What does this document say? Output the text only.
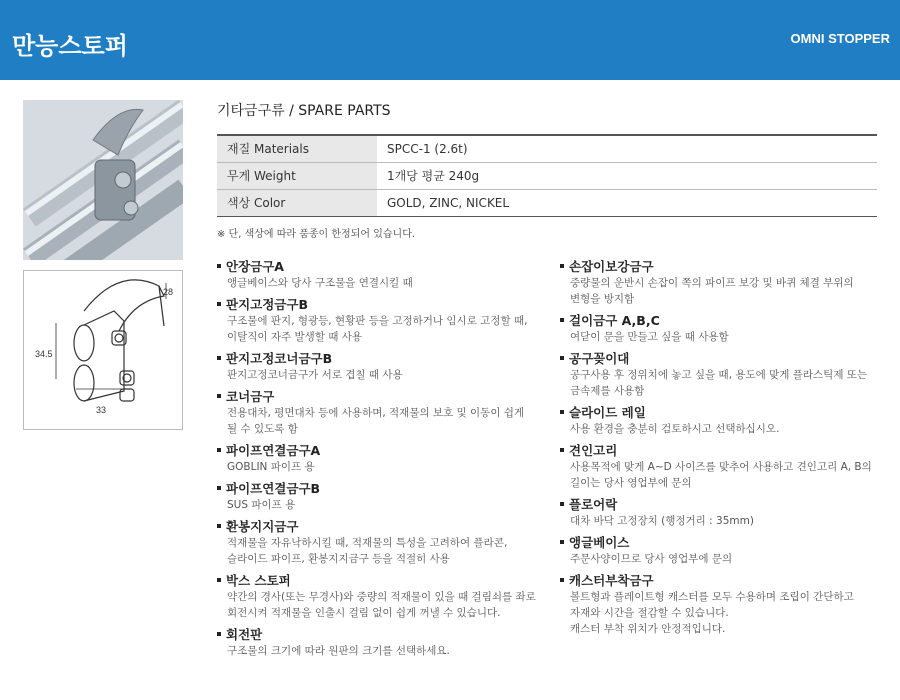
만능스토퍼	OMNI STOPPER
28
34.5
33
기타금구류 / SPARE PARTS
재질 Materials	SPCC-1 (2.6t)
무게 Weight	1개당 평균 240g
색상 Color	GOLD, ZINC, NICKEL
※ 단, 색상에 따라 품종이 한정되어 있습니다.
안장금구A
앵글베이스와 당사 구조물을 연결시킬 때
판지고정금구B
구조물에 판지, 형광등, 현황판 등을 고정하거나 임시로 고정할 때,
이탈직이 자주 발생할 때 사용
판지고정코너금구B
판지고정코너금구가 서로 겹칠 때 사용
코너금구
전용대차, 평면대차 등에 사용하며, 적재물의 보호 및 이동이 쉽게
될 수 있도록 함
파이프연결금구A
GOBLIN 파이프 용
파이프연결금구B
SUS 파이프 용
환봉지지금구
적재물을 자유낙하시킬 때, 적재물의 특성을 고려하여 플라콘,
슬라이드 파이프, 환봉지지금구 등을 적절히 사용
박스 스토퍼
약간의 경사(또는 무경사)와 중량의 적재물이 있을 때 걸림쇠를 좌로
회전시켜 적재물을 인출시 걸림 없이 쉽게 꺼낼 수 있습니다.
회전판
구조물의 크기에 따라 원판의 크기를 선택하세요.
손잡이보강금구
중량물의 운반시 손잡이 쪽의 파이프 보강 및 바퀴 체결 부위의
변형을 방지함
걸이금구 A,B,C
여닫이 문을 만들고 싶을 때 사용함
공구꽂이대
공구사용 후 정위치에 놓고 싶을 때, 용도에 맞게 플라스틱제 또는
금속제를 사용함
슬라이드 레일
사용 환경을 충분히 검토하시고 선택하십시오.
견인고리
사용목적에 맞게 A~D 사이즈를 맞추어 사용하고 견인고리 A, B의
길이는 당사 영업부에 문의
플로어락
대차 바닥 고정장치 (행정거리 : 35mm)
앵글베이스
주문사양이므로 당사 영업부에 문의
캐스터부착금구
볼트형과 플레이트형 캐스터를 모두 수용하며 조립이 간단하고
자재와 시간을 절감할 수 있습니다.
캐스터 부착 위치가 안정적입니다.
